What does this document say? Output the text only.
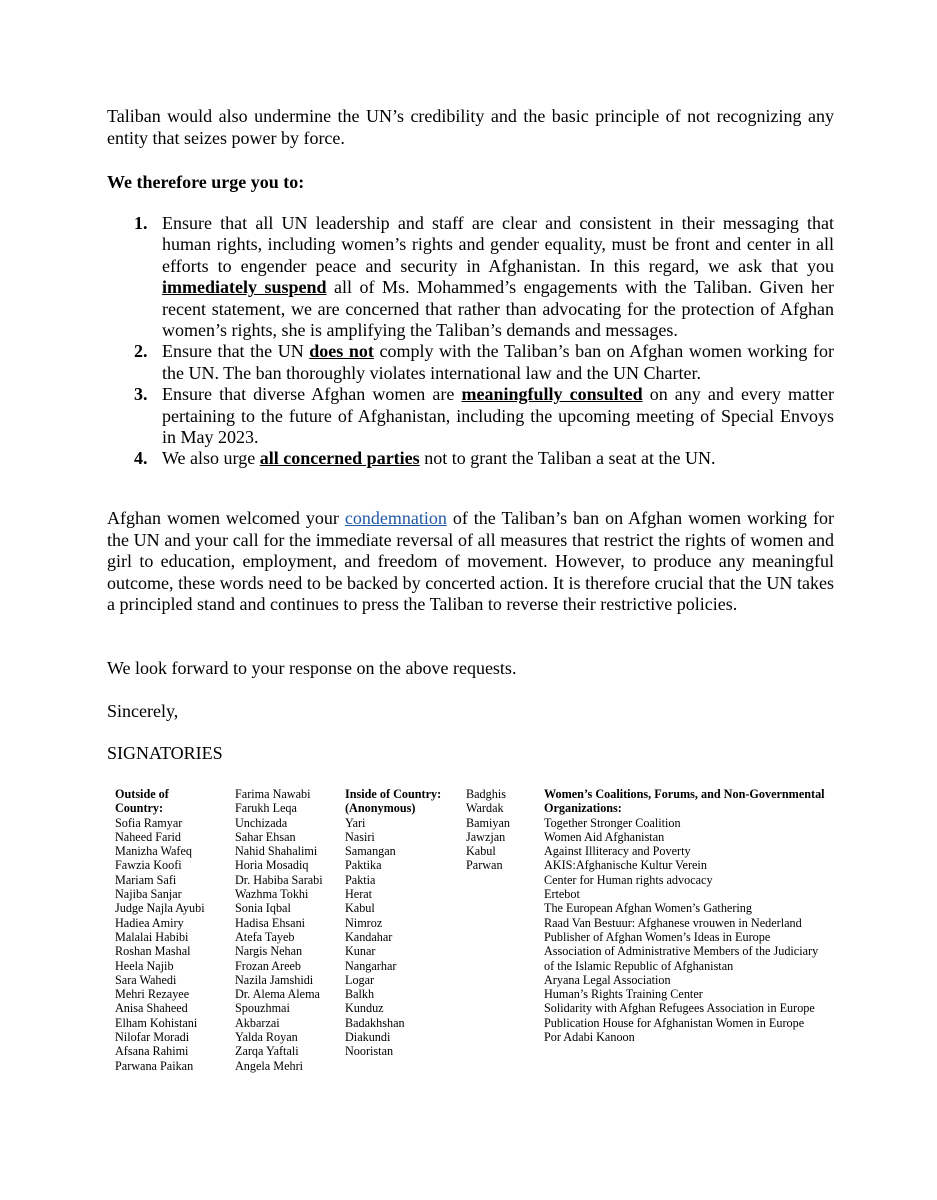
Taliban would also undermine the UN’s credibility and the basic principle of not recognizing any entity that seizes power by force.

We therefore urge you to:

1. Ensure that all UN leadership and staff are clear and consistent in their messaging that human rights, including women’s rights and gender equality, must be front and center in all efforts to engender peace and security in Afghanistan. In this regard, we ask that you immediately suspend all of Ms. Mohammed’s engagements with the Taliban. Given her recent statement, we are concerned that rather than advocating for the protection of Afghan women’s rights, she is amplifying the Taliban’s demands and messages.
2. Ensure that the UN does not comply with the Taliban’s ban on Afghan women working for the UN. The ban thoroughly violates international law and the UN Charter.
3. Ensure that diverse Afghan women are meaningfully consulted on any and every matter pertaining to the future of Afghanistan, including the upcoming meeting of Special Envoys in May 2023.
4. We also urge all concerned parties not to grant the Taliban a seat at the UN.

Afghan women welcomed your condemnation of the Taliban’s ban on Afghan women working for the UN and your call for the immediate reversal of all measures that restrict the rights of women and girl to education, employment, and freedom of movement. However, to produce any meaningful outcome, these words need to be backed by concerted action. It is therefore crucial that the UN takes a principled stand and continues to press the Taliban to reverse their restrictive policies.

We look forward to your response on the above requests.

Sincerely,

SIGNATORIES
Outside of
Country:
Sofia Ramyar
Naheed Farid
Manizha Wafeq
Fawzia Koofi
Mariam Safi
Najiba Sanjar
Judge Najla Ayubi
Hadiea Amiry
Malalai Habibi
Roshan Mashal
Heela Najib
Sara Wahedi
Mehri Rezayee
Anisa Shaheed
Elham Kohistani
Nilofar Moradi
Afsana Rahimi
Parwana Paikan
Farima Nawabi
Farukh Leqa
Unchizada
Sahar Ehsan
Nahid Shahalimi
Horia Mosadiq
Dr. Habiba Sarabi
Wazhma Tokhi
Sonia Iqbal
Hadisa Ehsani
Atefa Tayeb
Nargis Nehan
Frozan Areeb
Nazila Jamshidi
Dr. Alema Alema
Spouzhmai
Akbarzai
Yalda Royan
Zarqa Yaftali
Angela Mehri
Inside of Country:
(Anonymous)
Yari
Nasiri
Samangan
Paktika
Paktia
Herat
Kabul
Nimroz
Kandahar
Kunar
Nangarhar
Logar
Balkh
Kunduz
Badakhshan
Diakundi
Nooristan
Badghis
Wardak
Bamiyan
Jawzjan
Kabul
Parwan
Women’s Coalitions, Forums, and Non-Governmental
Organizations:
Together Stronger Coalition
Women Aid Afghanistan
Against Illiteracy and Poverty
AKIS:Afghanische Kultur Verein
Center for Human rights advocacy
Ertebot
The European Afghan Women’s Gathering
Raad Van Bestuur: Afghanese vrouwen in Nederland
Publisher of Afghan Women’s Ideas in Europe
Association of Administrative Members of the Judiciary
of the Islamic Republic of Afghanistan
Aryana Legal Association
Human’s Rights Training Center
Solidarity with Afghan Refugees Association in Europe
Publication House for Afghanistan Women in Europe
Por Adabi Kanoon
